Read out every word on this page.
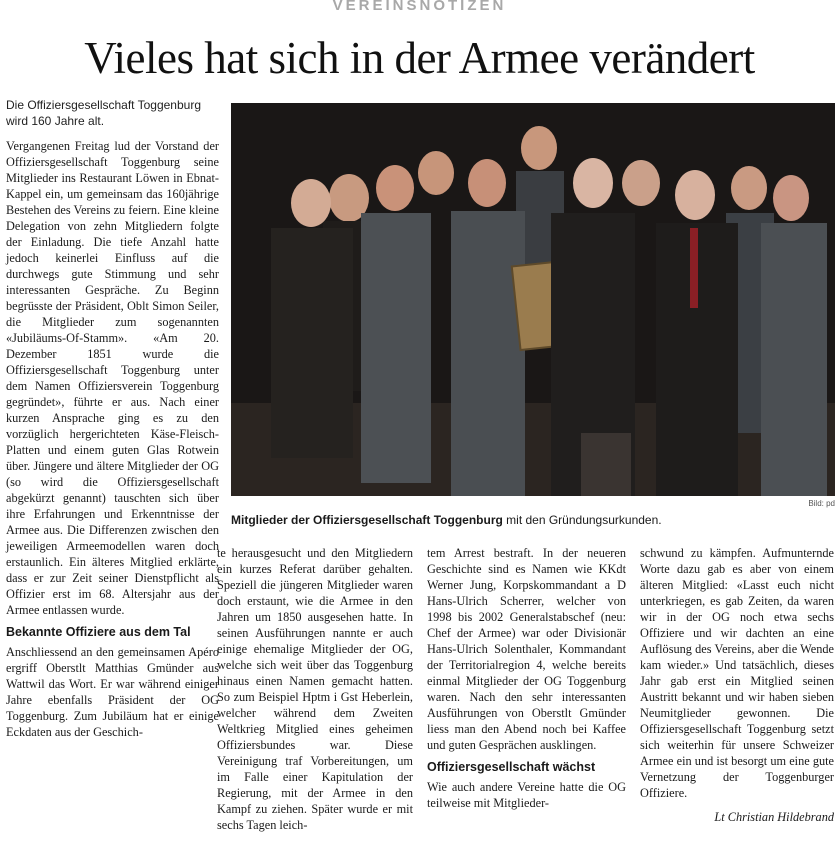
VEREINSNOTIZEN
Vieles hat sich in der Armee verändert
Die Offiziersgesellschaft Toggenburg wird 160 Jahre alt.
Bild: pd
Mitglieder der Offiziersgesellschaft Toggenburg mit den Gründungsurkunden.

Vergangenen Freitag lud der Vorstand der Offiziersgesellschaft Toggenburg seine Mitglieder ins Restaurant Löwen in Ebnat-Kappel ein, um gemeinsam das 160jährige Bestehen des Vereins zu feiern. Eine kleine Delegation von zehn Mitgliedern folgte der Einladung. Die tiefe Anzahl hatte jedoch keinerlei Einfluss auf die durchwegs gute Stimmung und sehr interessanten Gespräche. Zu Beginn begrüsste der Präsident, Oblt Simon Seiler, die Mitglieder zum sogenannten «Jubiläums-Of-Stamm». «Am 20. Dezember 1851 wurde die Offiziersgesellschaft Toggenburg unter dem Namen Offiziersverein Toggenburg gegründet», führte er aus. Nach einer kurzen Ansprache ging es zu den vorzüglich hergerichteten Käse-Fleisch-Platten und einem guten Glas Rotwein über. Jüngere und ältere Mitglieder der OG (so wird die Offiziersgesellschaft abgekürzt genannt) tauschten sich über ihre Erfahrungen und Erkenntnisse der Armee aus. Die Differenzen zwischen den jeweiligen Armeemodellen waren doch erstaunlich. Ein älteres Mitglied erklärte, dass er zur Zeit seiner Dienstpflicht als Offizier erst im 68. Altersjahr aus der Armee entlassen wurde.

Bekannte Offiziere aus dem Tal

Anschliessend an den gemeinsamen Apéro ergriff Oberstlt Matthias Gmünder aus Wattwil das Wort. Er war während einiger Jahre ebenfalls Präsident der OG Toggenburg. Zum Jubiläum hat er einige Eckdaten aus der Geschich-

te herausgesucht und den Mitgliedern ein kurzes Referat darüber gehalten. Speziell die jüngeren Mitglieder waren doch erstaunt, wie die Armee in den Jahren um 1850 ausgesehen hatte. In seinen Ausführungen nannte er auch einige ehemalige Mitglieder der OG, welche sich weit über das Toggenburg hinaus einen Namen gemacht hatten. So zum Beispiel Hptm i Gst Heberlein, welcher während dem Zweiten Weltkrieg Mitglied eines geheimen Offiziersbundes war. Diese Vereinigung traf Vorbereitungen, um im Falle einer Kapitulation der Regierung, mit der Armee in den Kampf zu ziehen. Später wurde er mit sechs Tagen leich-

tem Arrest bestraft. In der neueren Geschichte sind es Namen wie KKdt Werner Jung, Korpskommandant a D Hans-Ulrich Scherrer, welcher von 1998 bis 2002 Generalstabschef (neu: Chef der Armee) war oder Divisionär Hans-Ulrich Solenthaler, Kommandant der Territorialregion 4, welche bereits einmal Mitglieder der OG Toggenburg waren. Nach den sehr interessanten Ausführungen von Oberstlt Gmünder liess man den Abend noch bei Kaffee und guten Gesprächen ausklingen.

Offiziersgesellschaft wächst

Wie auch andere Vereine hatte die OG teilweise mit Mitglieder-

schwund zu kämpfen. Aufmunternde Worte dazu gab es aber von einem älteren Mitglied: «Lasst euch nicht unterkriegen, es gab Zeiten, da waren wir in der OG noch etwa sechs Offiziere und wir dachten an eine Auflösung des Vereins, aber die Wende kam wieder.» Und tatsächlich, dieses Jahr gab erst ein Mitglied seinen Austritt bekannt und wir haben sieben Neumitglieder gewonnen. Die Offiziersgesellschaft Toggenburg setzt sich weiterhin für unsere Schweizer Armee ein und ist besorgt um eine gute Vernetzung der Toggenburger Offiziere.

Lt Christian Hildebrand
